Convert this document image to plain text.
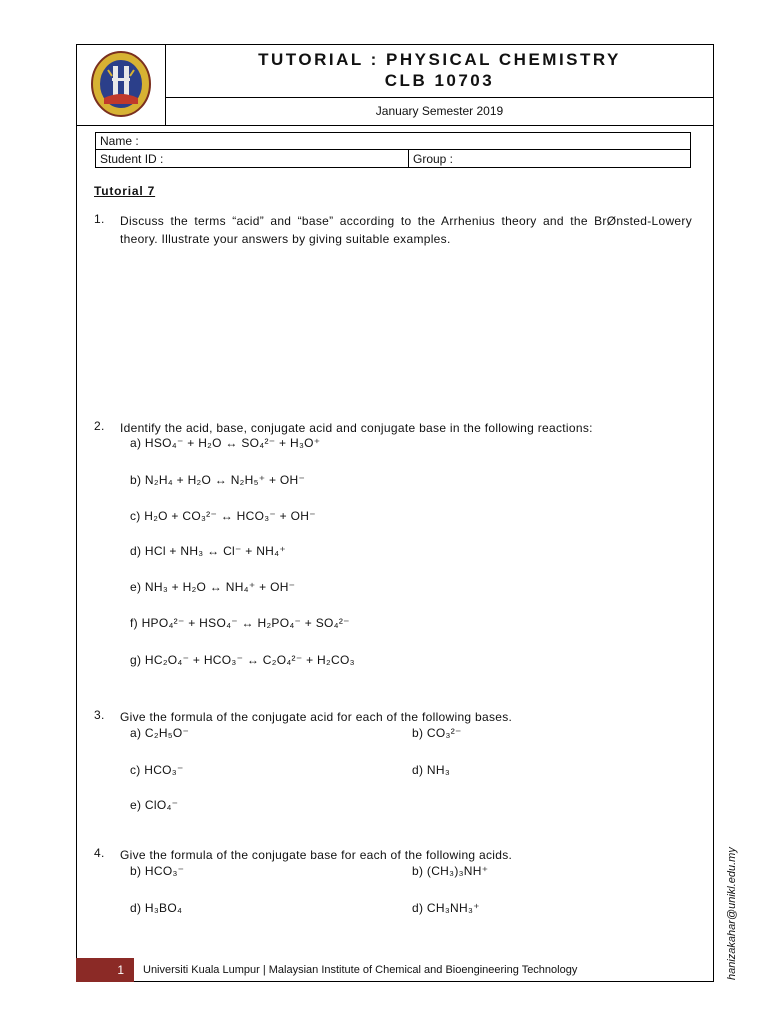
TUTORIAL : PHYSICAL CHEMISTRY
CLB 10703
January Semester 2019
Name :
Student ID :	Group :
Tutorial 7
1. Discuss the terms “acid” and “base” according to the Arrhenius theory and the BrØnsted-Lowery theory. Illustrate your answers by giving suitable examples.
2. Identify the acid, base, conjugate acid and conjugate base in the following reactions:
a) HSO₄⁻ + H₂O ↔ SO₄²⁻ + H₃O⁺
b) N₂H₄ + H₂O ↔ N₂H₅⁺ + OH⁻
c) H₂O + CO₃²⁻ ↔ HCO₃⁻ + OH⁻
d) HCl + NH₃ ↔ Cl⁻ + NH₄⁺
e) NH₃ + H₂O ↔ NH₄⁺ + OH⁻
f) HPO₄²⁻ + HSO₄⁻ ↔ H₂PO₄⁻ + SO₄²⁻
g) HC₂O₄⁻ + HCO₃⁻ ↔ C₂O₄²⁻ + H₂CO₃
3. Give the formula of the conjugate acid for each of the following bases.
a) C₂H₅O⁻	b) CO₃²⁻
c) HCO₃⁻	d) NH₃
e) ClO₄⁻
4. Give the formula of the conjugate base for each of the following acids.
b) HCO₃⁻	b) (CH₃)₃NH⁺
d) H₃BO₄	d) CH₃NH₃⁺
1	Universiti Kuala Lumpur | Malaysian Institute of Chemical and Bioengineering Technology	hanizakahar@unikl.edu.my
